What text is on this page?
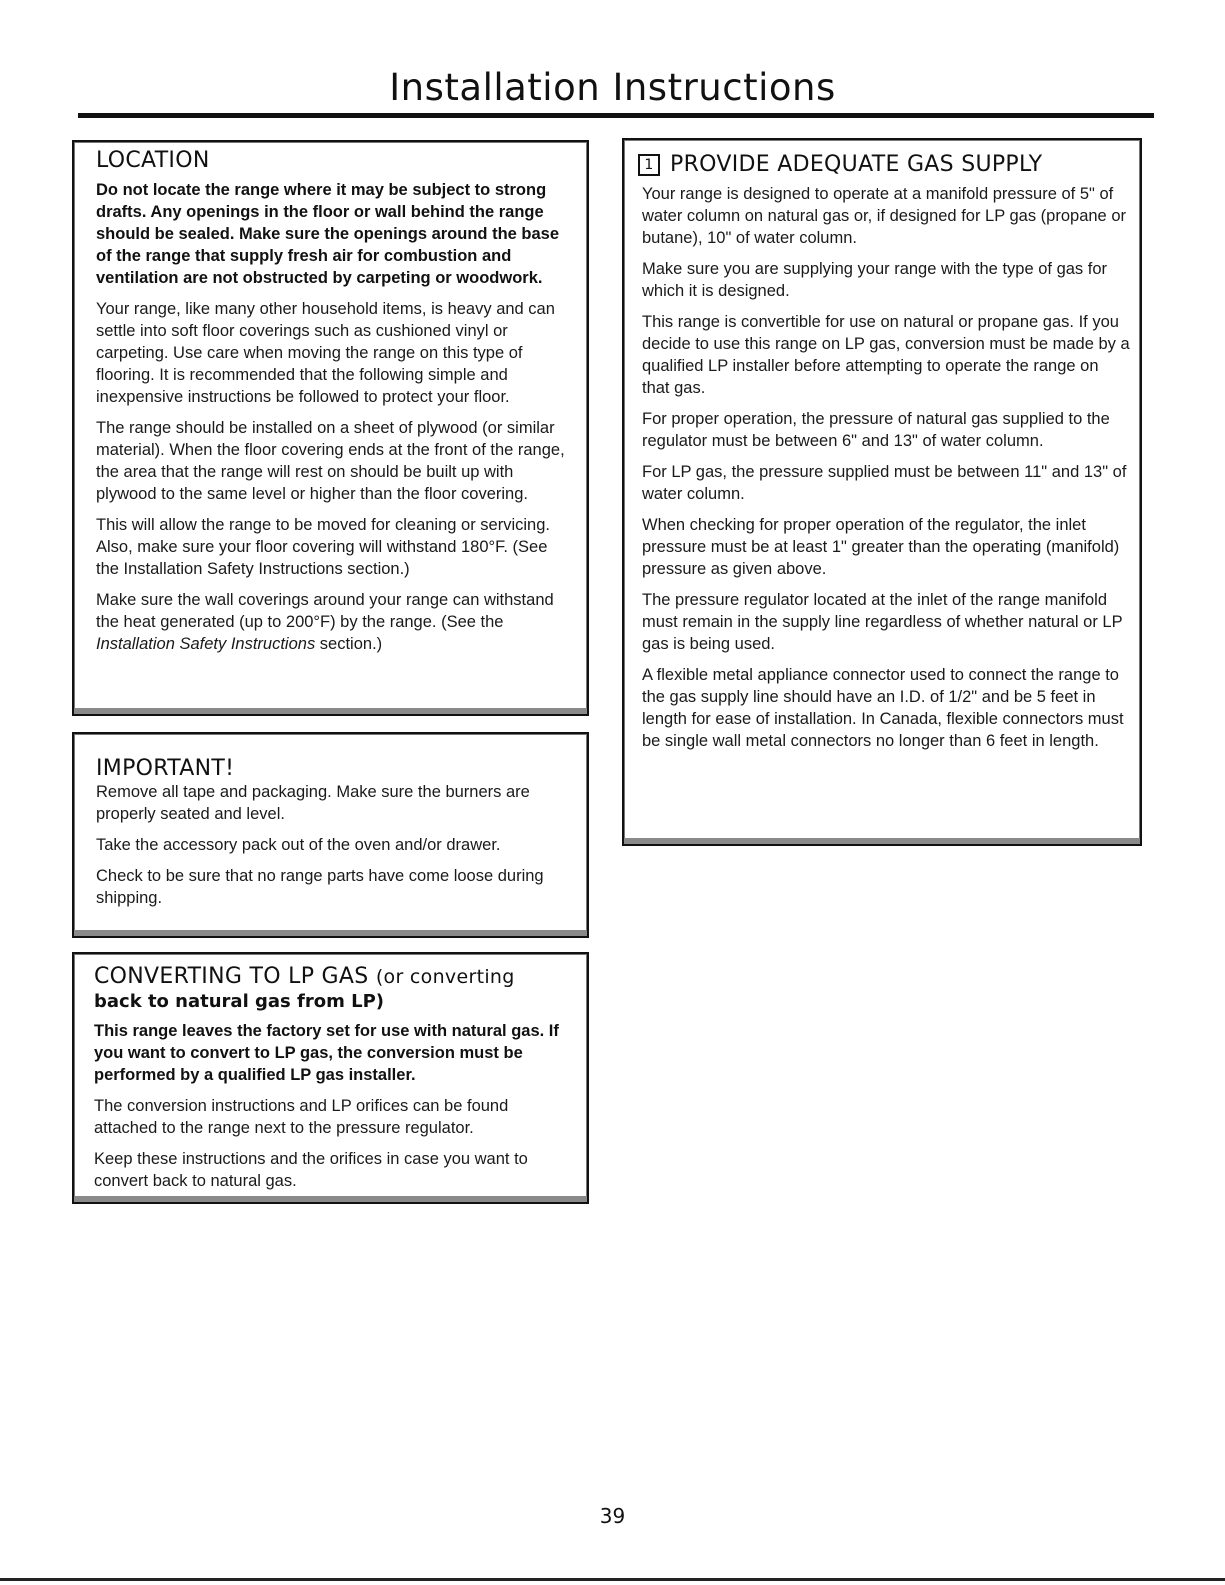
Installation Instructions
LOCATION

Do not locate the range where it may be subject to strong drafts. Any openings in the floor or wall behind the range should be sealed. Make sure the openings around the base of the range that supply fresh air for combustion and ventilation are not obstructed by carpeting or woodwork.

Your range, like many other household items, is heavy and can settle into soft floor coverings such as cushioned vinyl or carpeting. Use care when moving the range on this type of flooring. It is recommended that the following simple and inexpensive instructions be followed to protect your floor.

The range should be installed on a sheet of plywood (or similar material). When the floor covering ends at the front of the range, the area that the range will rest on should be built up with plywood to the same level or higher than the floor covering.

This will allow the range to be moved for cleaning or servicing. Also, make sure your floor covering will withstand 180°F. (See the Installation Safety Instructions section.)

Make sure the wall coverings around your range can withstand the heat generated (up to 200°F) by the range. (See the Installation Safety Instructions section.)

IMPORTANT!

Remove all tape and packaging. Make sure the burners are properly seated and level.

Take the accessory pack out of the oven and/or drawer.

Check to be sure that no range parts have come loose during shipping.

CONVERTING TO LP GAS (or converting
back to natural gas from LP)

This range leaves the factory set for use with natural gas. If you want to convert to LP gas, the conversion must be performed by a qualified LP gas installer.

The conversion instructions and LP orifices can be found attached to the range next to the pressure regulator.

Keep these instructions and the orifices in case you want to convert back to natural gas.

1 PROVIDE ADEQUATE GAS SUPPLY

Your range is designed to operate at a manifold pressure of 5" of water column on natural gas or, if designed for LP gas (propane or butane), 10" of water column.

Make sure you are supplying your range with the type of gas for which it is designed.

This range is convertible for use on natural or propane gas. If you decide to use this range on LP gas, conversion must be made by a qualified LP installer before attempting to operate the range on that gas.

For proper operation, the pressure of natural gas supplied to the regulator must be between 6" and 13" of water column.

For LP gas, the pressure supplied must be between 11" and 13" of water column.

When checking for proper operation of the regulator, the inlet pressure must be at least 1" greater than the operating (manifold) pressure as given above.

The pressure regulator located at the inlet of the range manifold must remain in the supply line regardless of whether natural or LP gas is being used.

A flexible metal appliance connector used to connect the range to the gas supply line should have an I.D. of 1/2" and be 5 feet in length for ease of installation. In Canada, flexible connectors must be single wall metal connectors no longer than 6 feet in length.

39
